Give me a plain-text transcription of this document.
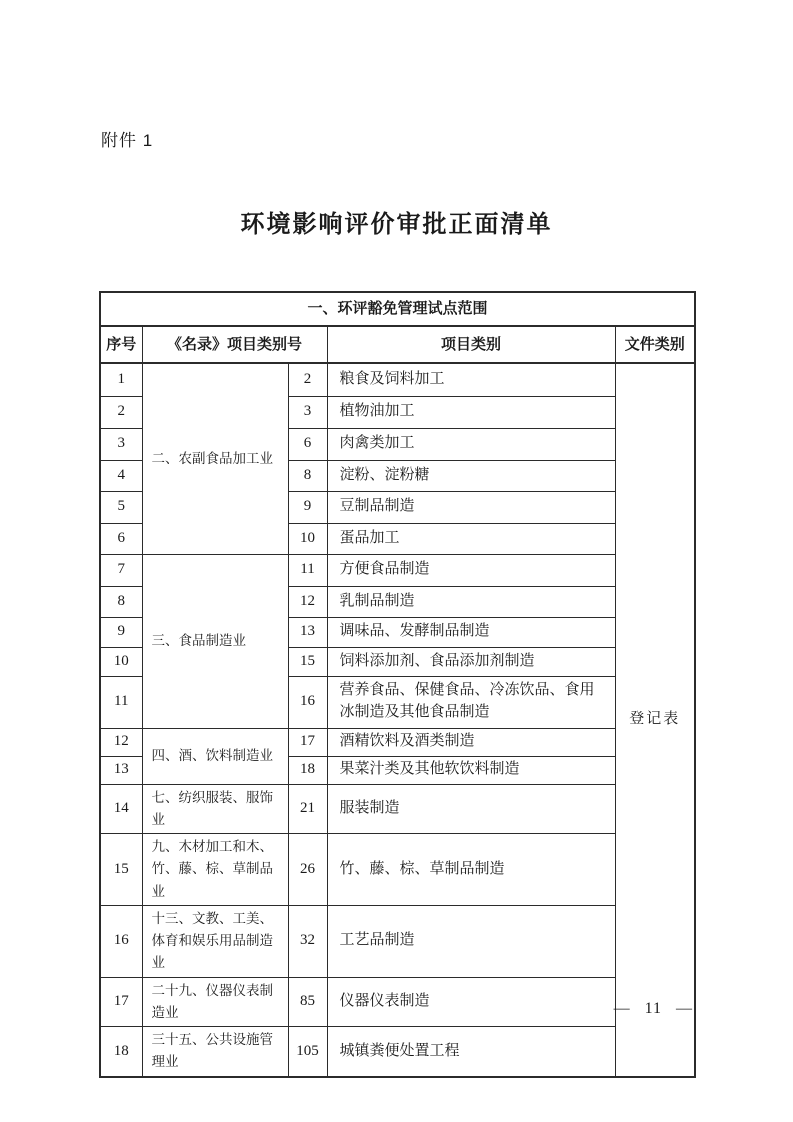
附件 1
环境影响评价审批正面清单
一、环评豁免管理试点范围				
序号	《名录》项目类别号		项目类别	文件类别
1	二、农副食品加工业	2	粮食及饲料加工	登记表
2		3	植物油加工	
3		6	肉禽类加工	
4		8	淀粉、淀粉糖	
5		9	豆制品制造	
6		10	蛋品加工	
7	三、食品制造业	11	方便食品制造	
8		12	乳制品制造	
9		13	调味品、发酵制品制造	
10		15	饲料添加剂、食品添加剂制造	
11		16	营养食品、保健食品、冷冻饮品、食用冰制造及其他食品制造	
12	四、酒、饮料制造业	17	酒精饮料及酒类制造	
13		18	果菜汁类及其他软饮料制造	
14	七、纺织服装、服饰业	21	服装制造	
15	九、木材加工和木、竹、藤、棕、草制品业	26	竹、藤、棕、草制品制造	
16	十三、文教、工美、体育和娱乐用品制造业	32	工艺品制造	
17	二十九、仪器仪表制造业	85	仪器仪表制造	
18	三十五、公共设施管理业	105	城镇粪便处置工程	
— 11 —
